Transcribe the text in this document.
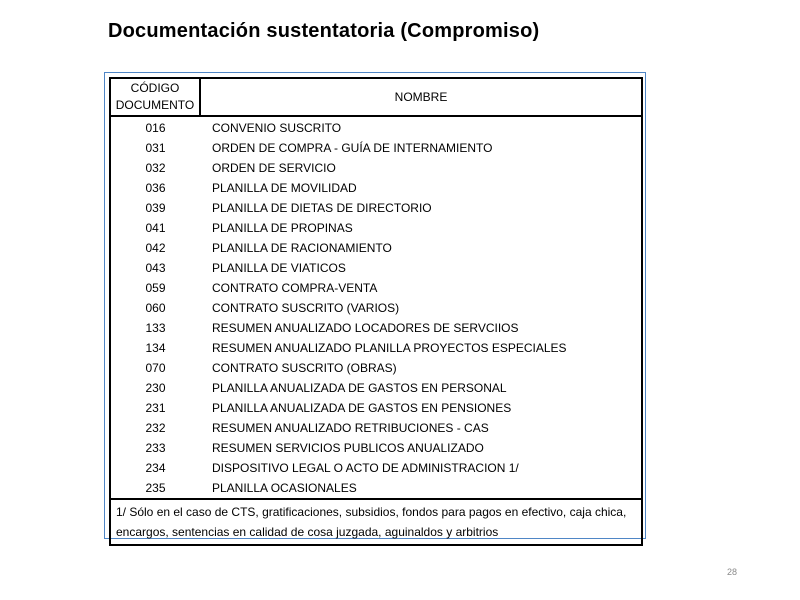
Documentación sustentatoria (Compromiso)
CÓDIGO
DOCUMENTO	NOMBRE
016	CONVENIO SUSCRITO
031	ORDEN DE COMPRA - GUÍA DE INTERNAMIENTO
032	ORDEN DE SERVICIO
036	PLANILLA DE MOVILIDAD
039	PLANILLA DE DIETAS DE DIRECTORIO
041	PLANILLA DE PROPINAS
042	PLANILLA DE RACIONAMIENTO
043	PLANILLA DE VIATICOS
059	CONTRATO COMPRA-VENTA
060	CONTRATO SUSCRITO (VARIOS)
133	RESUMEN ANUALIZADO LOCADORES DE SERVCIIOS
134	RESUMEN ANUALIZADO PLANILLA PROYECTOS ESPECIALES
070	CONTRATO SUSCRITO (OBRAS)
230	PLANILLA ANUALIZADA DE GASTOS EN PERSONAL
231	PLANILLA ANUALIZADA DE GASTOS EN PENSIONES
232	RESUMEN ANUALIZADO RETRIBUCIONES - CAS
233	RESUMEN SERVICIOS PUBLICOS ANUALIZADO
234	DISPOSITIVO LEGAL O ACTO DE ADMINISTRACION 1/
235	PLANILLA OCASIONALES
1/ Sólo en el caso de CTS, gratificaciones, subsidios, fondos para pagos en efectivo, caja chica, encargos, sentencias en calidad de cosa juzgada, aguinaldos y arbitrios	
28
